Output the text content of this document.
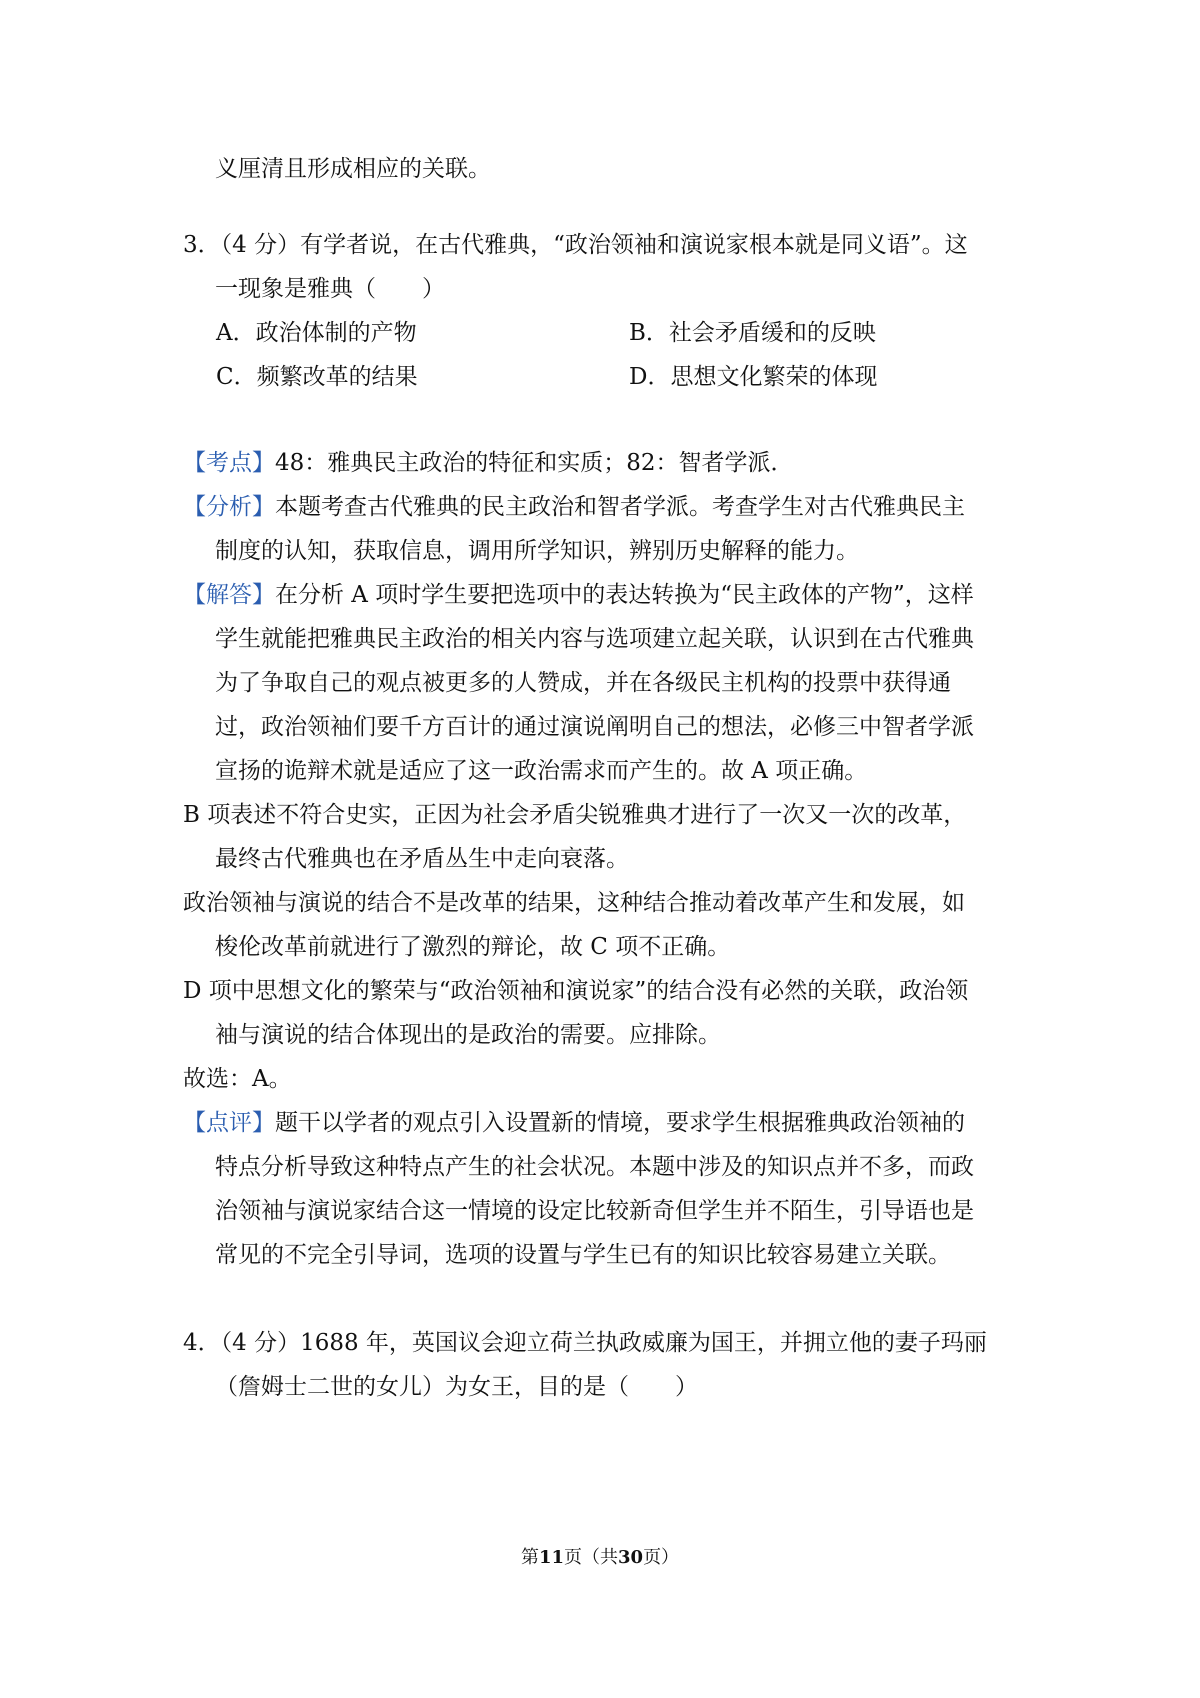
义厘清且形成相应的关联。
3．（4 分）有学者说，在古代雅典，“政治领袖和演说家根本就是同义语”。这
一现象是雅典（　　）
A．政治体制的产物	B．社会矛盾缓和的反映
C．频繁改革的结果	D．思想文化繁荣的体现
【考点】48：雅典民主政治的特征和实质；82：智者学派．
【分析】本题考查古代雅典的民主政治和智者学派。考查学生对古代雅典民主
制度的认知，获取信息，调用所学知识，辨别历史解释的能力。
【解答】在分析 A 项时学生要把选项中的表达转换为“民主政体的产物”，这样
学生就能把雅典民主政治的相关内容与选项建立起关联，认识到在古代雅典
为了争取自己的观点被更多的人赞成，并在各级民主机构的投票中获得通
过，政治领袖们要千方百计的通过演说阐明自己的想法，必修三中智者学派
宣扬的诡辩术就是适应了这一政治需求而产生的。故 A 项正确。
B 项表述不符合史实，正因为社会矛盾尖锐雅典才进行了一次又一次的改革，
最终古代雅典也在矛盾丛生中走向衰落。
政治领袖与演说的结合不是改革的结果，这种结合推动着改革产生和发展，如
梭伦改革前就进行了激烈的辩论，故 C 项不正确。
D 项中思想文化的繁荣与“政治领袖和演说家”的结合没有必然的关联，政治领
袖与演说的结合体现出的是政治的需要。应排除。
故选：A。
【点评】题干以学者的观点引入设置新的情境，要求学生根据雅典政治领袖的
特点分析导致这种特点产生的社会状况。本题中涉及的知识点并不多，而政
治领袖与演说家结合这一情境的设定比较新奇但学生并不陌生，引导语也是
常见的不完全引导词，选项的设置与学生已有的知识比较容易建立关联。
4．（4 分）1688 年，英国议会迎立荷兰执政威廉为国王，并拥立他的妻子玛丽
（詹姆士二世的女儿）为女王，目的是（　　）
第11页（共30页）
